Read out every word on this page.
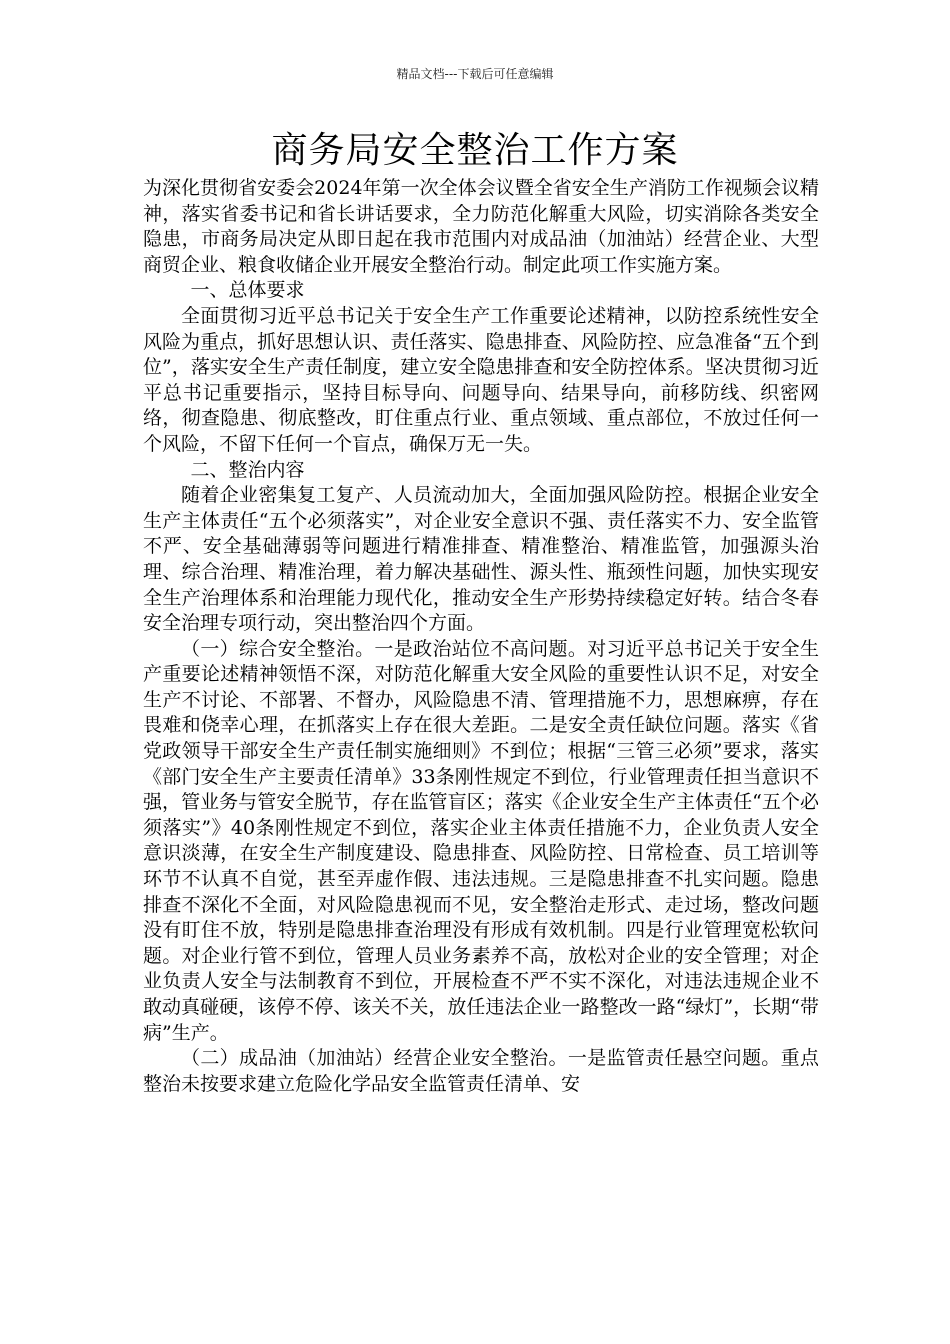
精品文档---下载后可任意编辑
商务局安全整治工作方案

为深化贯彻省安委会2024年第一次全体会议暨全省安全生产消防工作视频会议精神，落实省委书记和省长讲话要求，全力防范化解重大风险，切实消除各类安全隐患，市商务局决定从即日起在我市范围内对成品油（加油站）经营企业、大型商贸企业、粮食收储企业开展安全整治行动。制定此项工作实施方案。

一、总体要求

全面贯彻习近平总书记关于安全生产工作重要论述精神，以防控系统性安全风险为重点，抓好思想认识、责任落实、隐患排查、风险防控、应急准备“五个到位”，落实安全生产责任制度，建立安全隐患排查和安全防控体系。坚决贯彻习近平总书记重要指示，坚持目标导向、问题导向、结果导向，前移防线、织密网络，彻查隐患、彻底整改，盯住重点行业、重点领域、重点部位，不放过任何一个风险，不留下任何一个盲点，确保万无一失。

二、整治内容

随着企业密集复工复产、人员流动加大，全面加强风险防控。根据企业安全生产主体责任“五个必须落实”，对企业安全意识不强、责任落实不力、安全监管不严、安全基础薄弱等问题进行精准排查、精准整治、精准监管，加强源头治理、综合治理、精准治理，着力解决基础性、源头性、瓶颈性问题，加快实现安全生产治理体系和治理能力现代化，推动安全生产形势持续稳定好转。结合冬春安全治理专项行动，突出整治四个方面。

（一）综合安全整治。一是政治站位不高问题。对习近平总书记关于安全生产重要论述精神领悟不深，对防范化解重大安全风险的重要性认识不足，对安全生产不讨论、不部署、不督办，风险隐患不清、管理措施不力，思想麻痹，存在畏难和侥幸心理，在抓落实上存在很大差距。二是安全责任缺位问题。落实《省党政领导干部安全生产责任制实施细则》不到位；根据“三管三必须”要求，落实《部门安全生产主要责任清单》33条刚性规定不到位，行业管理责任担当意识不强，管业务与管安全脱节，存在监管盲区；落实《企业安全生产主体责任“五个必须落实”》40条刚性规定不到位，落实企业主体责任措施不力，企业负责人安全意识淡薄，在安全生产制度建设、隐患排查、风险防控、日常检查、员工培训等环节不认真不自觉，甚至弄虚作假、违法违规。三是隐患排查不扎实问题。隐患排查不深化不全面，对风险隐患视而不见，安全整治走形式、走过场，整改问题没有盯住不放，特别是隐患排查治理没有形成有效机制。四是行业管理宽松软问题。对企业行管不到位，管理人员业务素养不高，放松对企业的安全管理；对企业负责人安全与法制教育不到位，开展检查不严不实不深化，对违法违规企业不敢动真碰硬，该停不停、该关不关，放任违法企业一路整改一路“绿灯”，长期“带病”生产。

（二）成品油（加油站）经营企业安全整治。一是监管责任悬空问题。重点整治未按要求建立危险化学品安全监管责任清单、安
